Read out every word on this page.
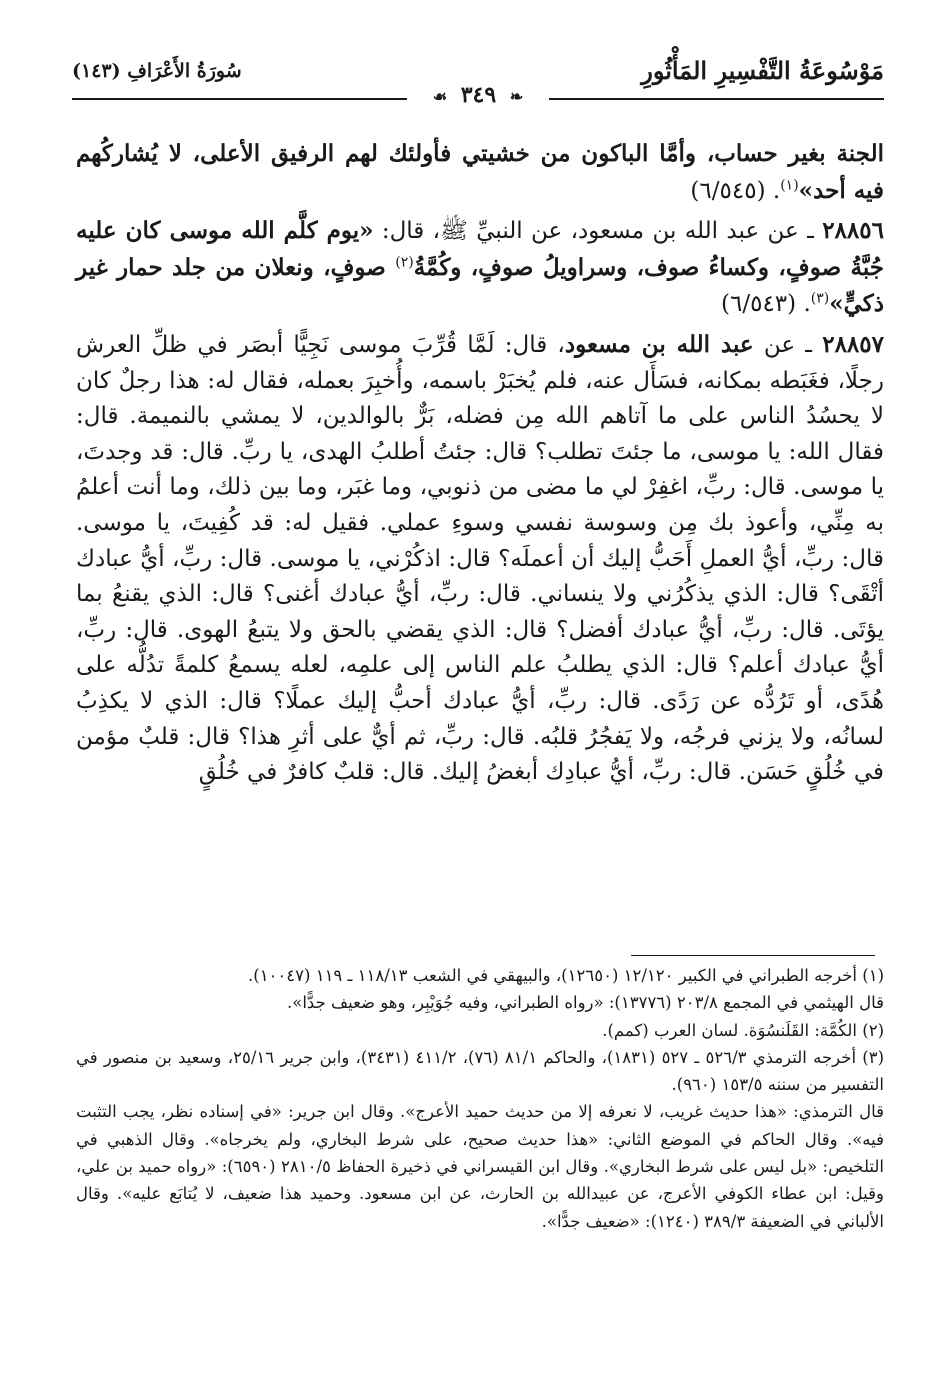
مَوْسُوعَةُ التَّفْسِيرِ المَأْثُورِ
سُورَةُ الأَعْرَافِ (١٤٣)
❧ ٣٤٩ ☙

الجنة بغير حساب، وأمَّا الباكون من خشيتي فأولئك لهم الرفيق الأعلى، لا يُشاركُهم فيه أحد»$^{(١)}$. (٦/٥٤٥)

٢٨٨٥٦ ـ عن عبد الله بن مسعود، عن النبيِّ ﷺ، قال: «يوم كلَّم الله موسى كان عليه جُبَّةُ صوفٍ، وكساءُ صوف، وسراويلُ صوفٍ، وكُمَّةُ$^{(٢)}$ صوفٍ، ونعلان من جلد حمار غير ذكيٍّ»$^{(٣)}$. (٦/٥٤٣)

٢٨٨٥٧ ـ عن عبد الله بن مسعود، قال: لَمَّا قُرِّبَ موسى نَجِيًّا أبصَر في ظلِّ العرش رجلًا، فغَبَطه بمكانه، فسَأَل عنه، فلم يُخبَرْ باسمه، وأُخبِرَ بعمله، فقال له: هذا رجلٌ كان لا يحسُدُ الناس على ما آتاهم الله مِن فضله، بَرٌّ بالوالدين، لا يمشي بالنميمة. قال: فقال الله: يا موسى، ما جئتَ تطلب؟ قال: جئتُ أطلبُ الهدى، يا ربِّ. قال: قد وجدتَ، يا موسى. قال: ربِّ، اغفِرْ لي ما مضى من ذنوبي، وما غبَر، وما بين ذلك، وما أنت أعلمُ به مِنِّي، وأعوذ بك مِن وسوسة نفسي وسوءِ عملي. فقيل له: قد كُفِيتَ، يا موسى. قال: ربِّ، أيُّ العملِ أَحَبُّ إليك أن أعملَه؟ قال: اذكُرْني، يا موسى. قال: ربِّ، أيُّ عبادك أتْقَى؟ قال: الذي يذكُرُني ولا ينساني. قال: ربِّ، أيُّ عبادك أغنى؟ قال: الذي يقنعُ بما يؤتَى. قال: ربِّ، أيُّ عبادك أفضل؟ قال: الذي يقضي بالحق ولا يتبعُ الهوى. قال: ربِّ، أيُّ عبادك أعلم؟ قال: الذي يطلبُ علم الناس إلى علمِه، لعله يسمعُ كلمةً تدُلُّه على هُدًى، أو تَرُدُّه عن رَدًى. قال: ربِّ، أيُّ عبادك أحبُّ إليك عملًا؟ قال: الذي لا يكذِبُ لسانُه، ولا يزني فرجُه، ولا يَفجُرُ قلبُه. قال: ربِّ، ثم أيٌّ على أثرِ هذا؟ قال: قلبٌ مؤمن في خُلُقٍ حَسَن. قال: ربِّ، أيُّ عبادِك أبغضُ إليك. قال: قلبٌ كافرٌ في خُلُقٍ

(١) أخرجه الطبراني في الكبير ١٢/١٢٠ (١٢٦٥٠)، والبيهقي في الشعب ١١٨/١٣ ـ ١١٩ (١٠٠٤٧).

قال الهيثمي في المجمع ٢٠٣/٨ (١٣٧٧٦): «رواه الطبراني، وفيه جُوَيْبِر، وهو ضعيف جدًّا».

(٢) الكُمَّة: القَلَنسُوَة. لسان العرب (كمم).

(٣) أخرجه الترمذي ٥٢٦/٣ ـ ٥٢٧ (١٨٣١)، والحاكم ٨١/١ (٧٦)، ٤١١/٢ (٣٤٣١)، وابن جرير ٢٥/١٦، وسعيد بن منصور في التفسير من سننه ١٥٣/٥ (٩٦٠).

قال الترمذي: «هذا حديث غريب، لا نعرفه إلا من حديث حميد الأعرج». وقال ابن جرير: «في إسناده نظر، يجب التثبت فيه». وقال الحاكم في الموضع الثاني: «هذا حديث صحيح، على شرط البخاري، ولم يخرجاه». وقال الذهبي في التلخيص: «بل ليس على شرط البخاري». وقال ابن القيسراني في ذخيرة الحفاظ ٢٨١٠/٥ (٦٥٩٠): «رواه حميد بن علي، وقيل: ابن عطاء الكوفي الأعرج، عن عبيدالله بن الحارث، عن ابن مسعود. وحميد هذا ضعيف، لا يُتابَع عليه». وقال الألباني في الضعيفة ٣٨٩/٣ (١٢٤٠): «ضعيف جدًّا».
